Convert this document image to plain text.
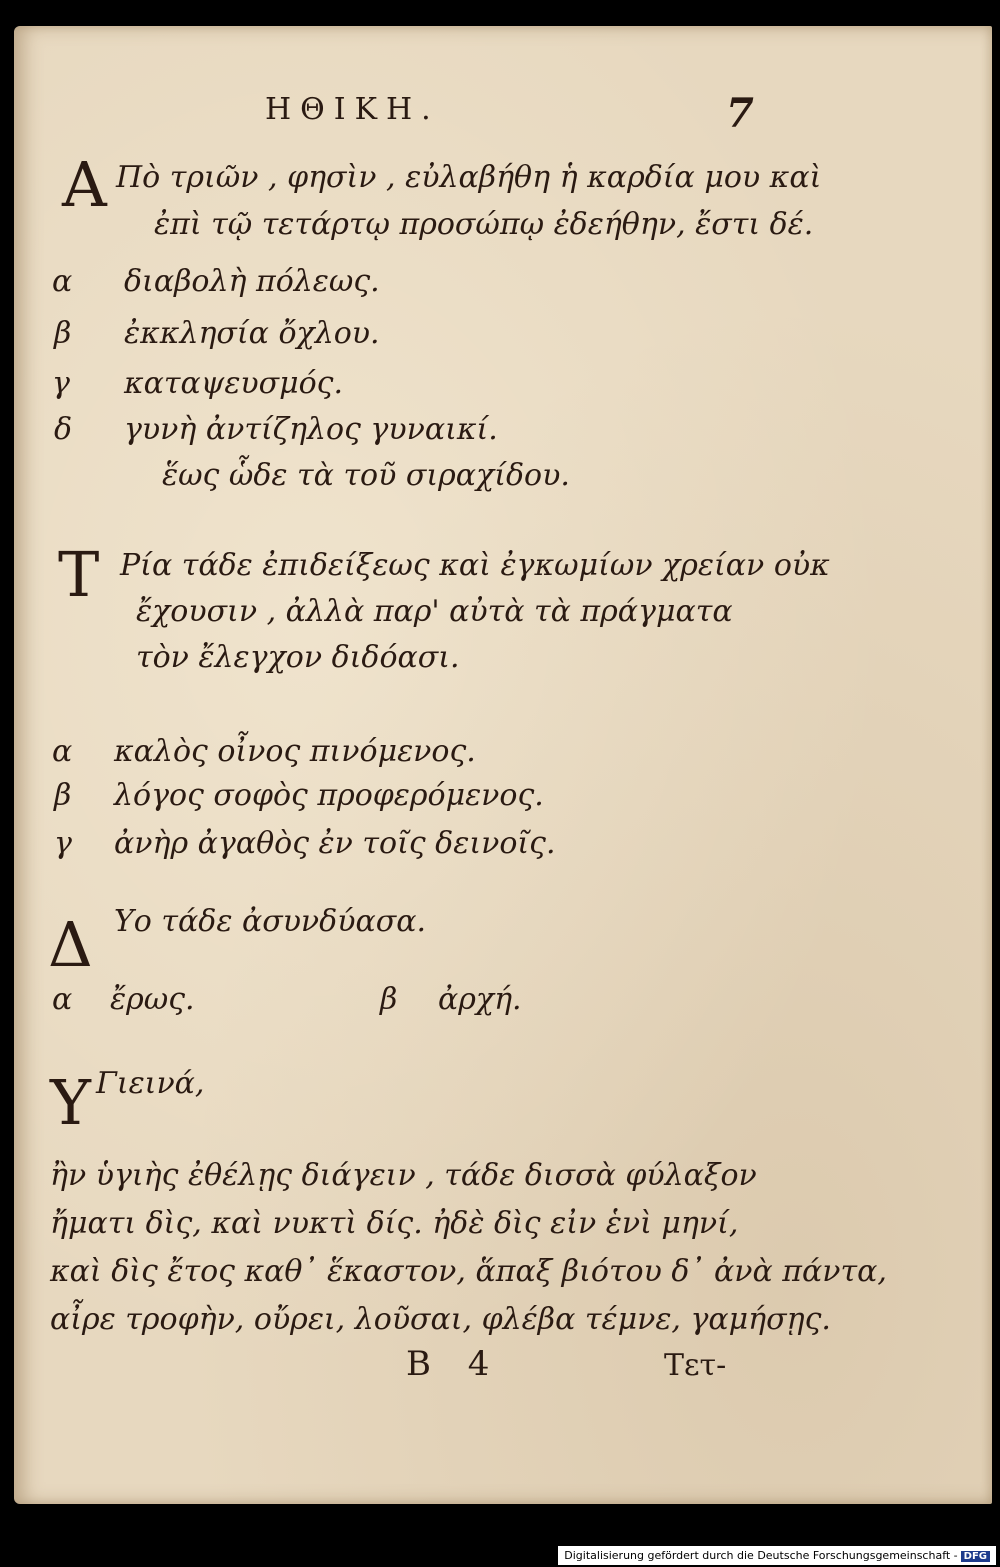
ΗΘΙΚΗ.	7
Α Πὸ τριῶν , φησὶν , εὐλαβήθη ἡ καρδία μου καὶ
ἐπὶ τῷ τετάρτῳ προσώπῳ ἐδεήθην, ἔστι δέ.
α διαβολὴ πόλεως.
β ἐκκλησία ὄχλου.
γ καταψευσμός.
δ γυνὴ ἀντίζηλος γυναικί.
ἕως ὧδε τὰ τοῦ σιραχίδου.
Τ Ρία τάδε ἐπιδείξεως καὶ ἐγκωμίων χρείαν οὐκ
ἔχουσιν , ἀλλὰ παρ' αὐτὰ τὰ πράγματα
τὸν ἔλεγχον διδόασι.
α καλὸς οἶνος πινόμενος.
β λόγος σοφὸς προφερόμενος.
γ ἀνὴρ ἀγαθὸς ἐν τοῖς δεινοῖς.
Δ Υο τάδε ἀσυνδύασα.
α ἔρως.	β ἀρχή.
Υ Γιεινά,
ἢν ὑγιὴς ἐθέλῃς διάγειν , τάδε δισσὰ φύλαξον
ἤματι δὶς, καὶ νυκτὶ δίς. ἠδὲ δὶς εἰν ἑνὶ μηνί,
καὶ δὶς ἔτος καθ᾽ ἕκαστον, ἅπαξ βιότου δ᾽ ἀνὰ πάντα,
αἶρε τροφὴν, οὔρει, λοῦσαι, φλέβα τέμνε, γαμήσῃς.
B 4	Τετ-
Digitalisierung gefördert durch die Deutsche Forschungsgemeinschaft - DFG
